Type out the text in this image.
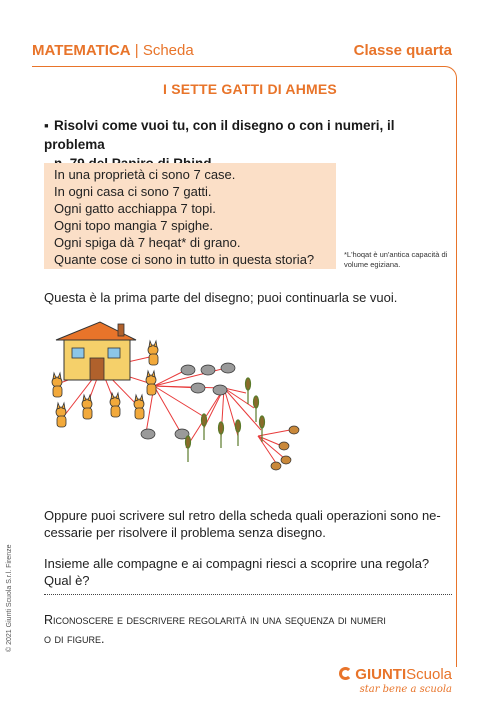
MATEMATICA | Scheda	Classe quarta
I SETTE GATTI DI AHMES
▪ Risolvi come vuoi tu, con il disegno o con i numeri, il problema

In una proprietà ci sono 7 case.
In ogni casa ci sono 7 gatti.
Ogni gatto acchiappa 7 topi.
Ogni topo mangia 7 spighe.
Ogni spiga dà 7 heqat* di grano.
Quante cose ci sono in tutto in questa storia?	*L'hoqat è un'antica capacità di volume egiziana.
Questa è la prima parte del disegno; puoi continuarla se vuoi.
Oppure puoi scrivere sul retro della scheda quali operazioni sono ne-
cessarie per risolvere il problema senza disegno.
Insieme alle compagne e ai compagni riesci a scoprire una regola?
Qual è?
Riconoscere e descrivere regolarità in una sequenza di numeri
o di figure.
© 2021 Giunti Scuola S.r.l. Firenze
GIUNTIScuola
star bene a scuola
